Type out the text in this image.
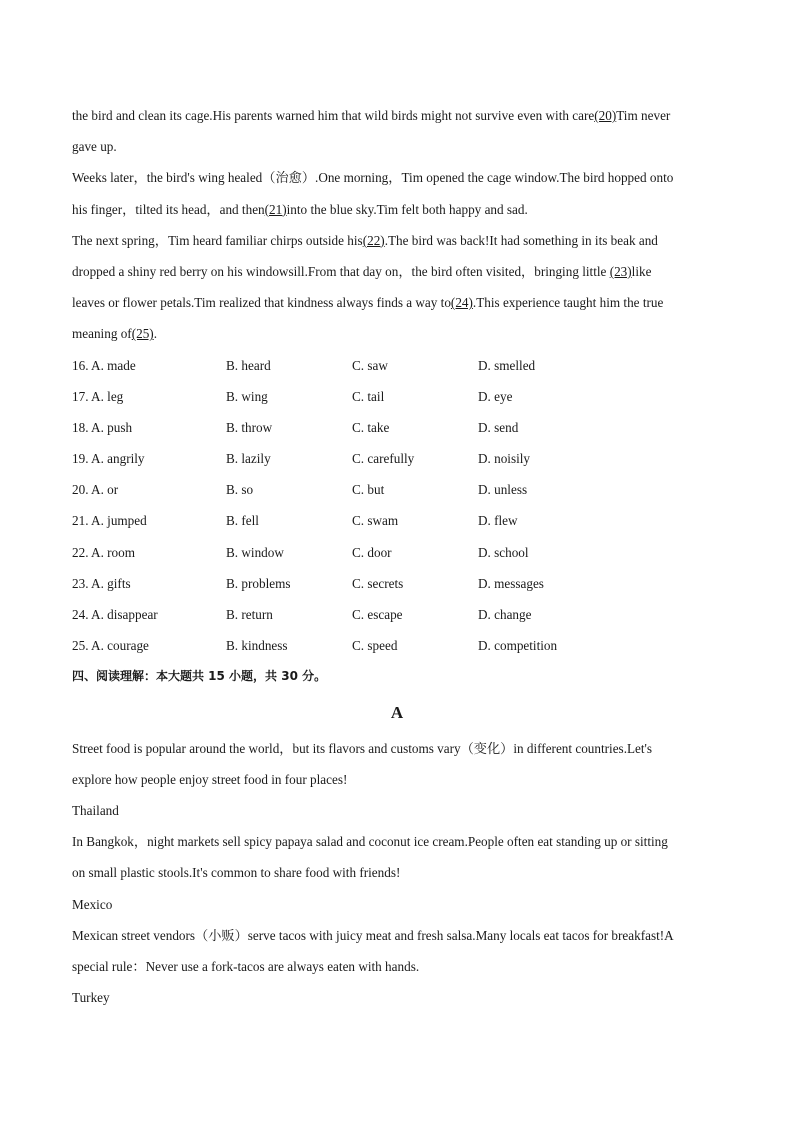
the bird and clean its cage.His parents warned him that wild birds might not survive even with care(20)Tim never
gave up.
Weeks later，the bird's wing healed（治愈）.One morning，Tim opened the cage window.The bird hopped onto
his finger，tilted its head，and then(21)into the blue sky.Tim felt both happy and sad.
The next spring，Tim heard familiar chirps outside his(22).The bird was back!It had something in its beak and
dropped a shiny red berry on his windowsill.From that day on，the bird often visited，bringing little (23)like
leaves or flower petals.Tim realized that kindness always finds a way to(24).This experience taught him the true
meaning of(25).
16. A. made	B. heard	C. saw	D. smelled
17. A. leg	B. wing	C. tail	D. eye
18. A. push	B. throw	C. take	D. send
19. A. angrily	B. lazily	C. carefully	D. noisily
20. A. or	B. so	C. but	D. unless
21. A. jumped	B. fell	C. swam	D. flew
22. A. room	B. window	C. door	D. school
23. A. gifts	B. problems	C. secrets	D. messages
24. A. disappear	B. return	C. escape	D. change
25. A. courage	B. kindness	C. speed	D. competition
四、阅读理解：本大题共 15 小题，共 30 分。
A
Street food is popular around the world，but its flavors and customs vary（变化）in different countries.Let's
explore how people enjoy street food in four places!
Thailand
In Bangkok，night markets sell spicy papaya salad and coconut ice cream.People often eat standing up or sitting
on small plastic stools.It's common to share food with friends!
Mexico
Mexican street vendors（小贩）serve tacos with juicy meat and fresh salsa.Many locals eat tacos for breakfast!A
special rule：Never use a fork-tacos are always eaten with hands.
Turkey
